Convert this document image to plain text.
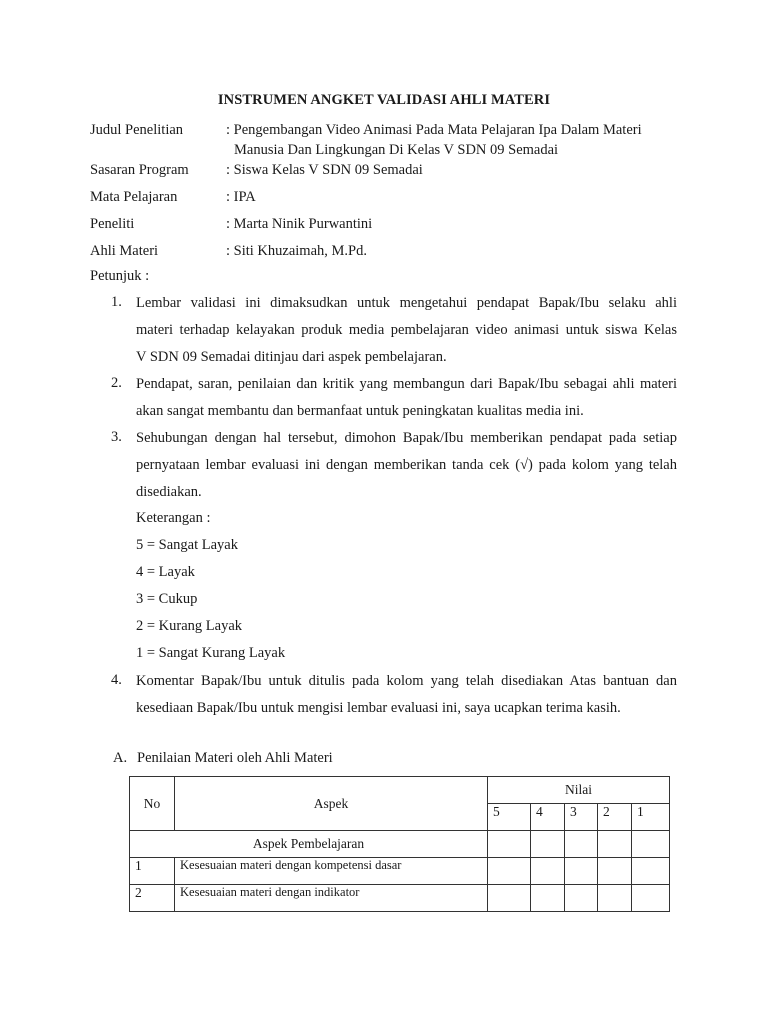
INSTRUMEN ANGKET VALIDASI AHLI MATERI
Judul Penelitian	: Pengembangan Video Animasi Pada Mata Pelajaran Ipa Dalam Materi
Manusia Dan Lingkungan Di Kelas V SDN 09 Semadai
Sasaran Program	: Siswa Kelas V SDN 09 Semadai
Mata Pelajaran	: IPA
Peneliti	: Marta Ninik Purwantini
Ahli Materi	: Siti Khuzaimah, M.Pd.
Petunjuk :
1. Lembar validasi ini dimaksudkan untuk mengetahui pendapat Bapak/Ibu selaku ahli
materi terhadap kelayakan produk media pembelajaran video animasi untuk siswa Kelas
V SDN 09 Semadai ditinjau dari aspek pembelajaran.
2. Pendapat, saran, penilaian dan kritik yang membangun dari Bapak/Ibu sebagai ahli materi
akan sangat membantu dan bermanfaat untuk peningkatan kualitas media ini.
3. Sehubungan dengan hal tersebut, dimohon Bapak/Ibu memberikan pendapat pada setiap
pernyataan lembar evaluasi ini dengan memberikan tanda cek (√) pada kolom yang telah
disediakan.
Keterangan :
5 = Sangat Layak
4 = Layak
3 = Cukup
2 = Kurang Layak
1 = Sangat Kurang Layak
4. Komentar Bapak/Ibu untuk ditulis pada kolom yang telah disediakan Atas bantuan dan
kesediaan Bapak/Ibu untuk mengisi lembar evaluasi ini, saya ucapkan terima kasih.
A. Penilaian Materi oleh Ahli Materi
No	Aspek	Nilai				
		5	4	3	2	1
Aspek Pembelajaran						
1	Kesesuaian materi dengan kompetensi dasar					
2	Kesesuaian materi dengan indikator					
